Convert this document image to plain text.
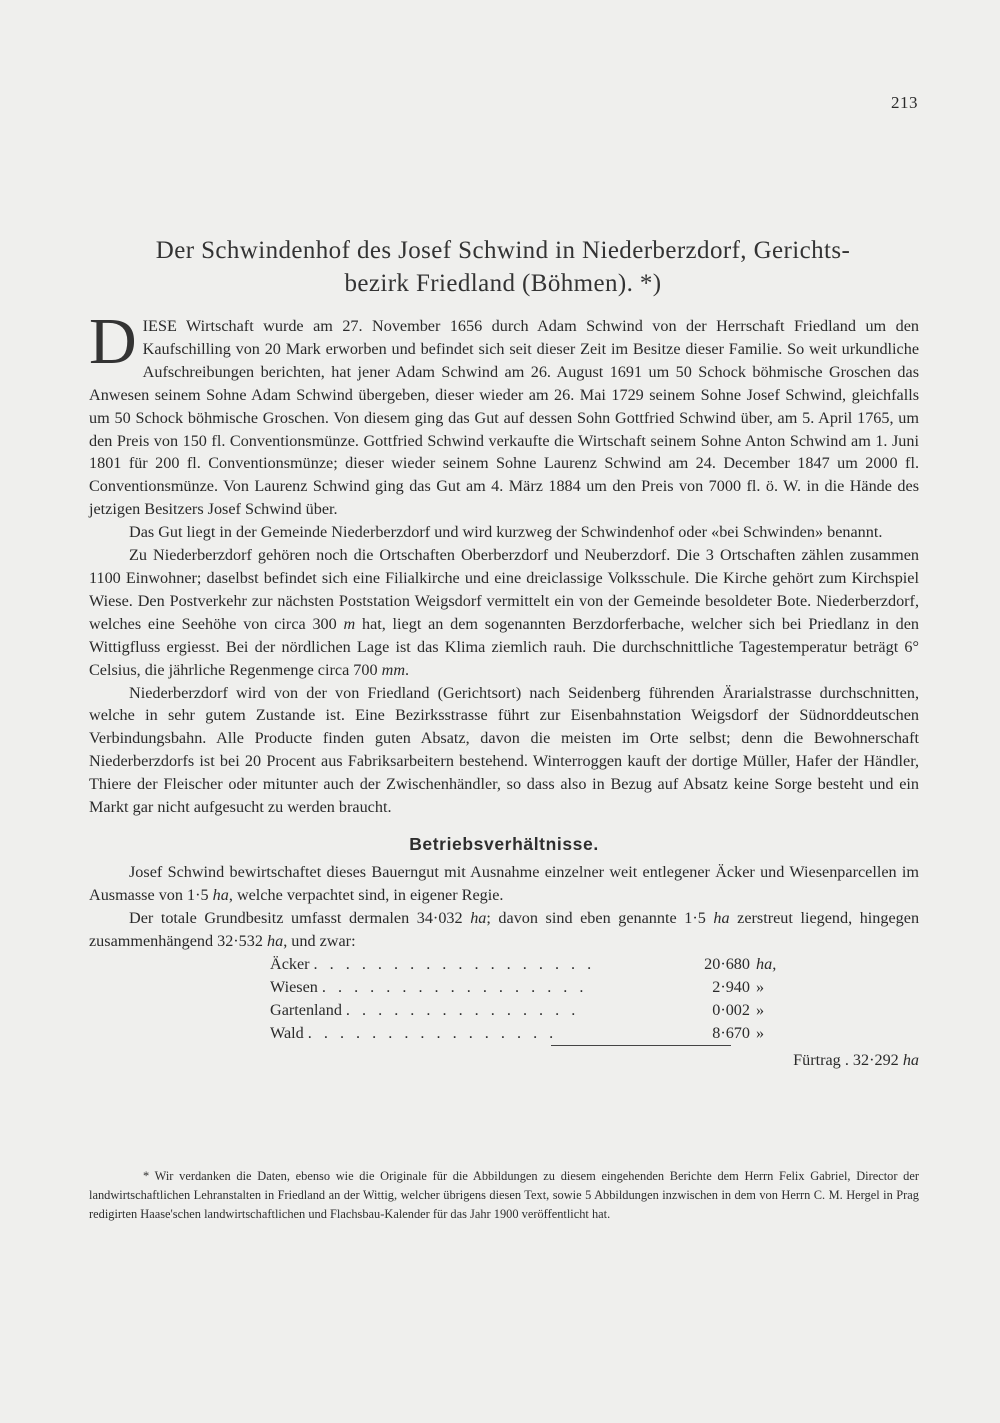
213
Der Schwindenhof des Josef Schwind in Niederberzdorf, Gerichts-
bezirk Friedland (Böhmen). *)

DIESE Wirtschaft wurde am 27. November 1656 durch Adam Schwind von der Herrschaft Friedland um den Kaufschilling von 20 Mark erworben und befindet sich seit dieser Zeit im Besitze dieser Familie. So weit urkundliche Aufschreibungen berichten, hat jener Adam Schwind am 26. August 1691 um 50 Schock böhmische Groschen das Anwesen seinem Sohne Adam Schwind übergeben, dieser wieder am 26. Mai 1729 seinem Sohne Josef Schwind, gleichfalls um 50 Schock böhmische Groschen. Von diesem ging das Gut auf dessen Sohn Gottfried Schwind über, am 5. April 1765, um den Preis von 150 fl. Conventionsmünze. Gottfried Schwind verkaufte die Wirtschaft seinem Sohne Anton Schwind am 1. Juni 1801 für 200 fl. Conventionsmünze; dieser wieder seinem Sohne Laurenz Schwind am 24. December 1847 um 2000 fl. Conventionsmünze. Von Laurenz Schwind ging das Gut am 4. März 1884 um den Preis von 7000 fl. ö. W. in die Hände des jetzigen Besitzers Josef Schwind über.

Das Gut liegt in der Gemeinde Niederberzdorf und wird kurzweg der Schwindenhof oder «bei Schwinden» benannt.

Zu Niederberzdorf gehören noch die Ortschaften Oberberzdorf und Neuberzdorf. Die 3 Ortschaften zählen zusammen 1100 Einwohner; daselbst befindet sich eine Filialkirche und eine dreiclassige Volksschule. Die Kirche gehört zum Kirchspiel Wiese. Den Postverkehr zur nächsten Poststation Weigsdorf vermittelt ein von der Gemeinde besoldeter Bote. Niederberzdorf, welches eine Seehöhe von circa 300 m hat, liegt an dem sogenannten Berzdorferbache, welcher sich bei Priedlanz in den Wittigfluss ergiesst. Bei der nördlichen Lage ist das Klima ziemlich rauh. Die durchschnittliche Tagestemperatur beträgt 6° Celsius, die jährliche Regenmenge circa 700 mm.

Niederberzdorf wird von der von Friedland (Gerichtsort) nach Seidenberg führenden Ärarialstrasse durchschnitten, welche in sehr gutem Zustande ist. Eine Bezirksstrasse führt zur Eisenbahnstation Weigsdorf der Südnorddeutschen Verbindungsbahn. Alle Producte finden guten Absatz, davon die meisten im Orte selbst; denn die Bewohnerschaft Niederberzdorfs ist bei 20 Procent aus Fabriksarbeitern bestehend. Winterroggen kauft der dortige Müller, Hafer der Händler, Thiere der Fleischer oder mitunter auch der Zwischenhändler, so dass also in Bezug auf Absatz keine Sorge besteht und ein Markt gar nicht aufgesucht zu werden braucht.

Betriebsverhältnisse.

Josef Schwind bewirtschaftet dieses Bauerngut mit Ausnahme einzelner weit entlegener Äcker und Wiesenparcellen im Ausmasse von 1·5 ha, welche verpachtet sind, in eigener Regie.

Der totale Grundbesitz umfasst dermalen 34·032 ha; davon sind eben genannte 1·5 ha zerstreut liegend, hingegen zusammenhängend 32·532 ha, und zwar:

Äcker . . . . . . . . . . . . . . . . . .	20·680 ha,
Wiesen . . . . . . . . . . . . . . . . .	2·940 »
Gartenland . . . . . . . . . . . . . . .	0·002 »
Wald . . . . . . . . . . . . . . . .	8·670 »
Fürtrag . 32·292 ha

* Wir verdanken die Daten, ebenso wie die Originale für die Abbildungen zu diesem eingehenden Berichte dem Herrn Felix Gabriel, Director der landwirtschaftlichen Lehranstalten in Friedland an der Wittig, welcher übrigens diesen Text, sowie 5 Abbildungen inzwischen in dem von Herrn C. M. Hergel in Prag redigirten Haase'schen landwirtschaftlichen und Flachsbau-Kalender für das Jahr 1900 veröffentlicht hat.
